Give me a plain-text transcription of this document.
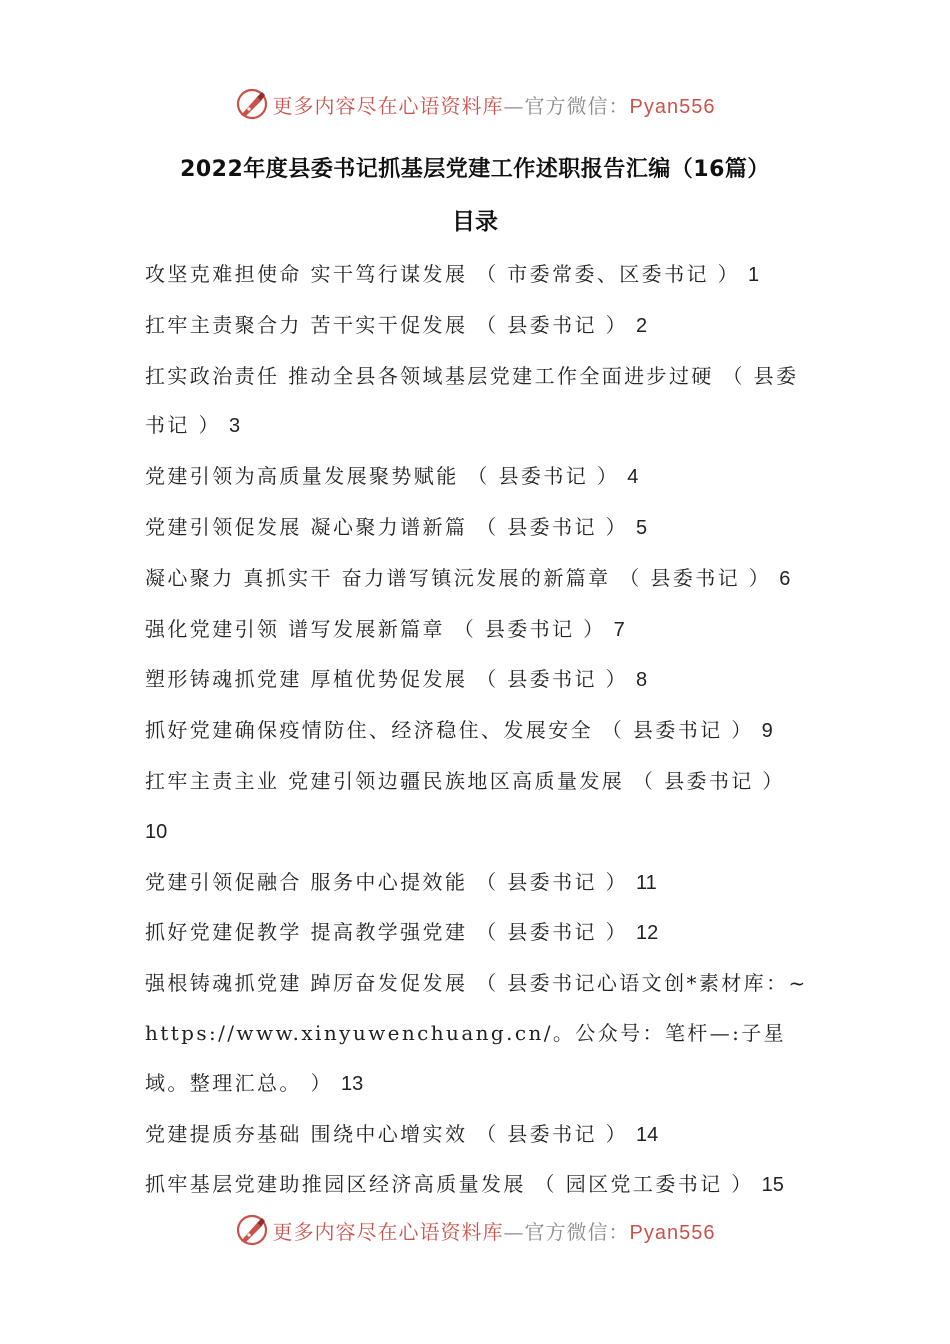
更多内容尽在心语资料库—官方微信：Pyan556
2022年度县委书记抓基层党建工作述职报告汇编（16篇）
目录
攻坚克难担使命 实干笃行谋发展 （ 市委常委、区委书记 ） 1
扛牢主责聚合力 苦干实干促发展 （ 县委书记 ） 2
扛实政治责任 推动全县各领域基层党建工作全面进步过硬 （ 县委书记 ） 3
党建引领为高质量发展聚势赋能 （ 县委书记 ） 4
党建引领促发展 凝心聚力谱新篇 （ 县委书记 ） 5
凝心聚力 真抓实干 奋力谱写镇沅发展的新篇章 （ 县委书记 ） 6
强化党建引领 谱写发展新篇章 （ 县委书记 ） 7
塑形铸魂抓党建 厚植优势促发展 （ 县委书记 ） 8
抓好党建确保疫情防住、经济稳住、发展安全 （ 县委书记 ） 9
扛牢主责主业 党建引领边疆民族地区高质量发展 （ 县委书记 ）
10
党建引领促融合 服务中心提效能 （ 县委书记 ） 11
抓好党建促教学 提高教学强党建 （ 县委书记 ） 12
强根铸魂抓党建 踔厉奋发促发展 （ 县委书记心语文创*素材库：~https://www.xinyuwenchuang.cn/。公众号：笔杆—:子星域。整理汇总。 ） 13
党建提质夯基础 围绕中心增实效 （ 县委书记 ） 14
抓牢基层党建助推园区经济高质量发展 （ 园区党工委书记 ） 15
更多内容尽在心语资料库—官方微信：Pyan556
